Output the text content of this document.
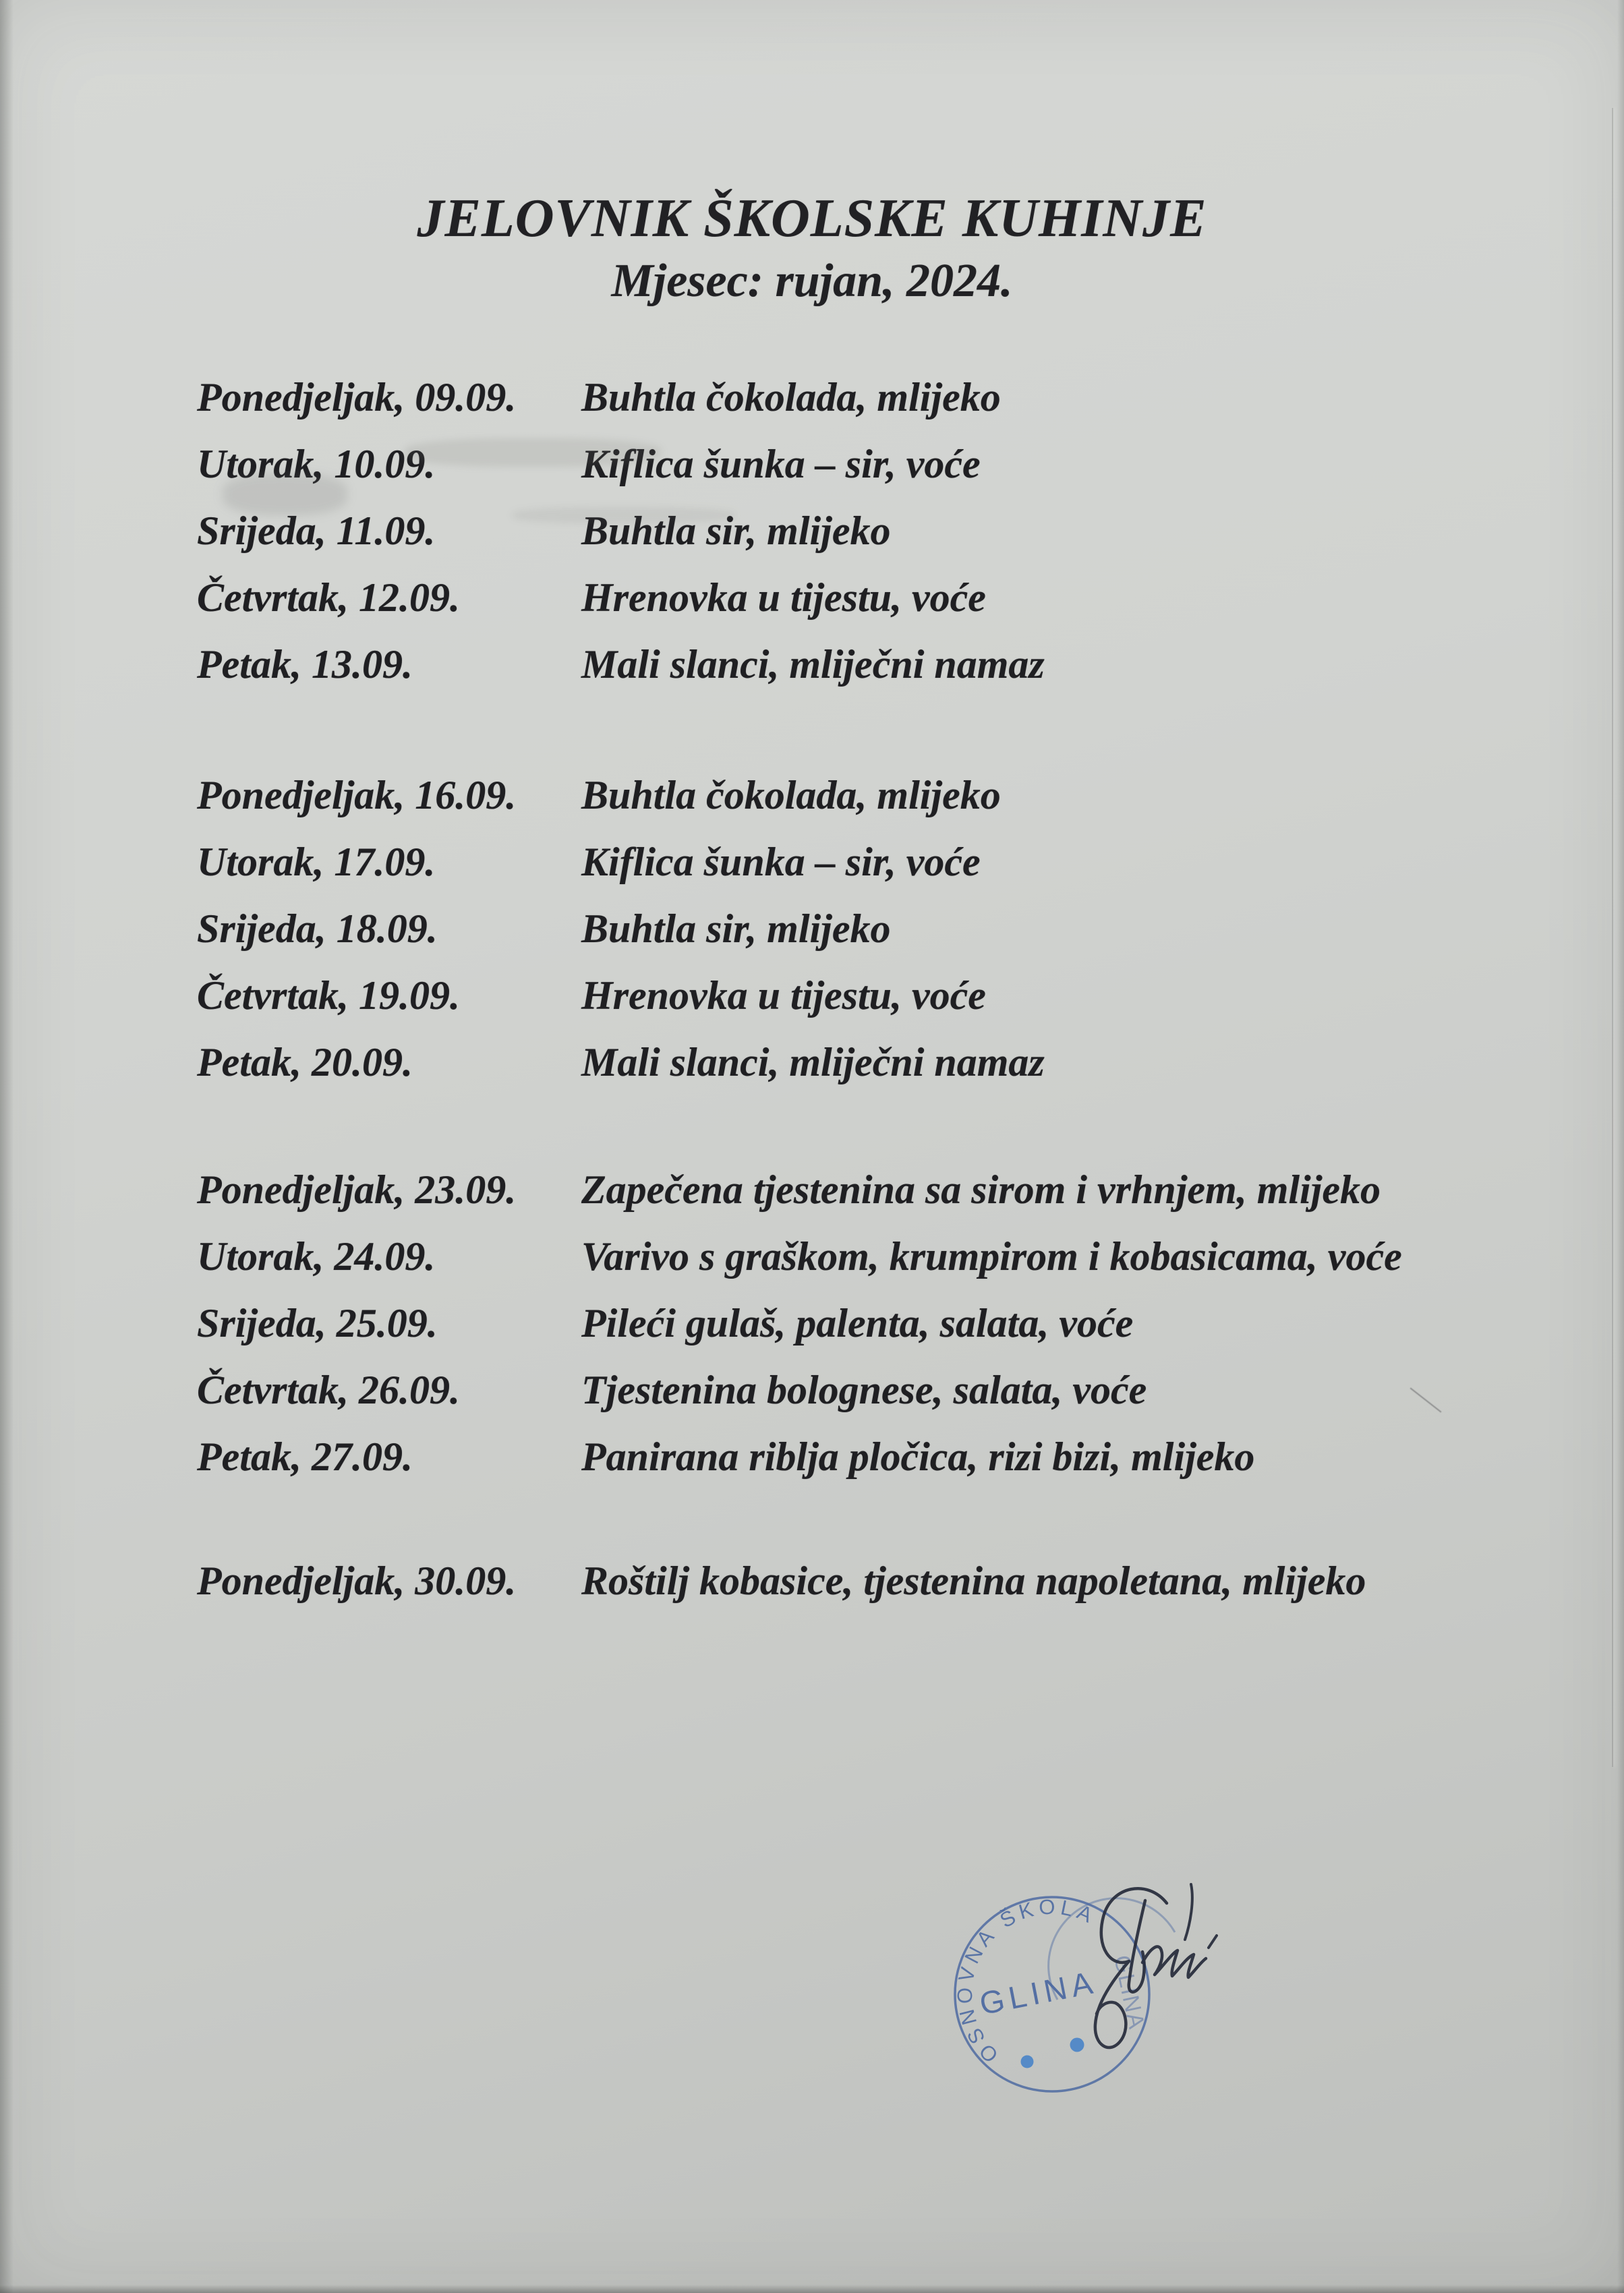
JELOVNIK ŠKOLSKE KUHINJE
Mjesec: rujan, 2024.
Ponedjeljak, 09.09.	Buhtla čokolada, mlijeko
Utorak, 10.09.	Kiflica šunka – sir, voće
Srijeda, 11.09.	Buhtla sir, mlijeko
Četvrtak, 12.09.	Hrenovka u tijestu, voće
Petak, 13.09.	Mali slanci, mliječni namaz
Ponedjeljak, 16.09.	Buhtla čokolada, mlijeko
Utorak, 17.09.	Kiflica šunka – sir, voće
Srijeda, 18.09.	Buhtla sir, mlijeko
Četvrtak, 19.09.	Hrenovka u tijestu, voće
Petak, 20.09.	Mali slanci, mliječni namaz
Ponedjeljak, 23.09.	Zapečena tjestenina sa sirom i vrhnjem, mlijeko
Utorak, 24.09.	Varivo s graškom, krumpirom i kobasicama, voće
Srijeda, 25.09.	Pileći gulaš, palenta, salata, voće
Četvrtak, 26.09.	Tjestenina bolognese, salata, voće
Petak, 27.09.	Panirana riblja pločica, rizi bizi, mlijeko
Ponedjeljak, 30.09.	Roštilj kobasice, tjestenina napoletana, mlijeko
OSNOVNA ŠKOLA
GLINA GLINA
